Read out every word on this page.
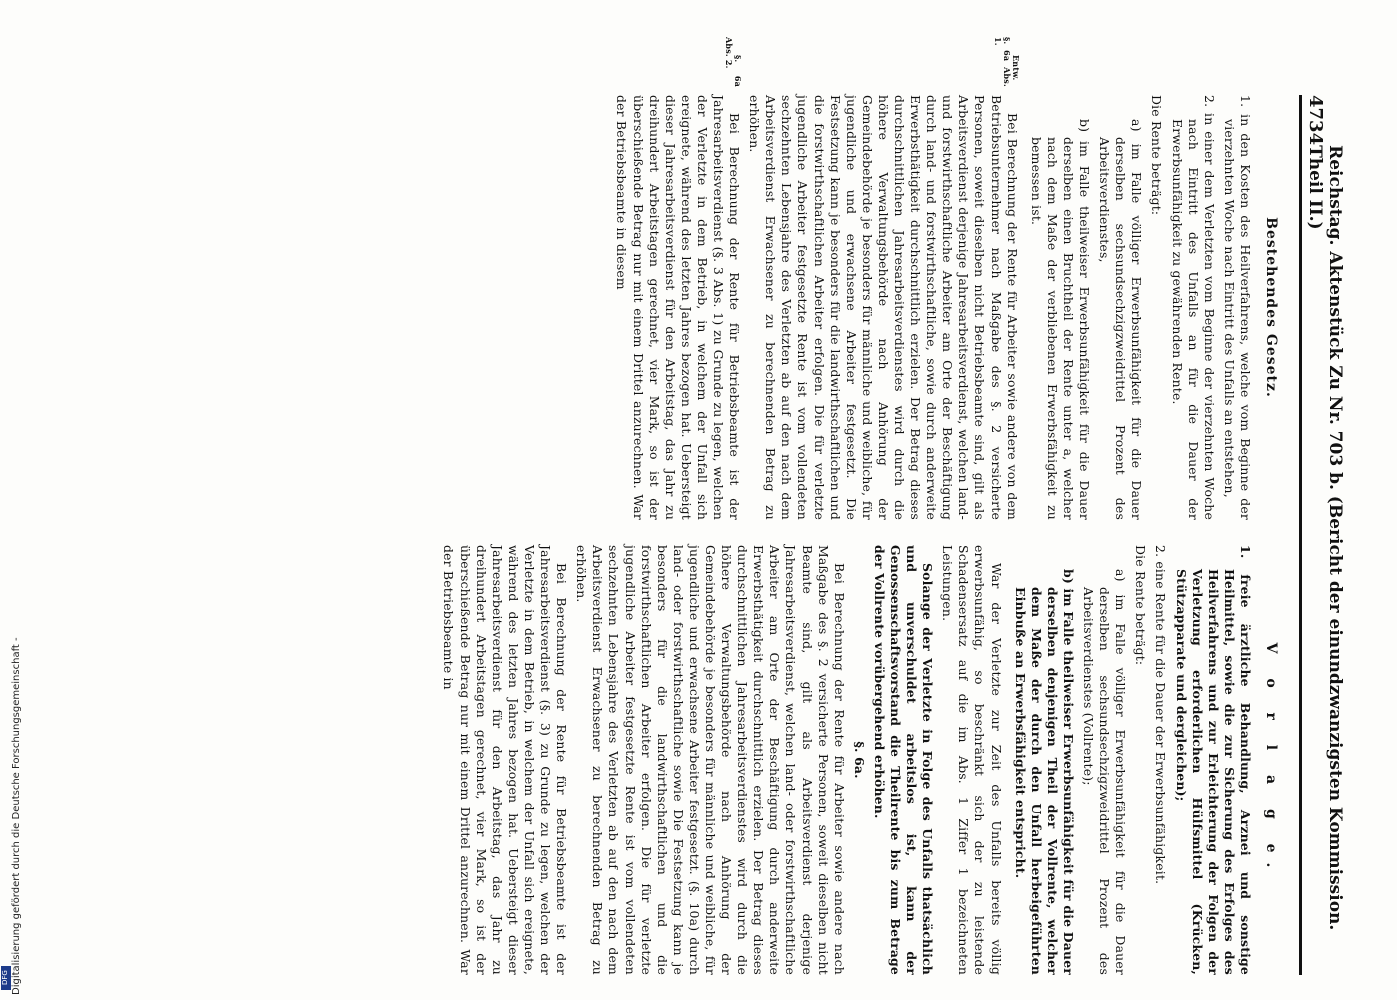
4734
Reichstag. Aktenstück Zu Nr. 703 b. (Bericht der einundzwanzigsten Kommission. Theil II.)
Bestehendes Gesetz.

1. in den Kosten des Heilverfahrens, welche vom Beginne der vierzehnten Woche nach Eintritt des Unfalls an entstehen,

2. in einer dem Verletzten vom Beginne der vierzehnten Woche nach Eintritt des Unfalls an für die Dauer der Erwerbsunfähigkeit zu gewährenden Rente.

Die Rente beträgt:

a) im Falle völliger Erwerbsunfähigkeit für die Dauer derselben sechsundsechzigzweidrittel Prozent des Arbeitsverdienstes,

b) im Falle theilweiser Erwerbsunfähigkeit für die Dauer derselben einen Bruchtheil der Rente unter a, welcher nach dem Maße der verbliebenen Erwerbsfähigkeit zu bemessen ist.

Entw. §. 6a Abs. 1.
Bei Berechnung der Rente für Arbeiter sowie andere von dem Betriebsunternehmer nach Maßgabe des §. 2 versicherte Personen, soweit dieselben nicht Betriebsbeamte sind, gilt als Arbeitsverdienst derjenige Jahresarbeitsverdienst, welchen land- und forstwirthschaftliche Arbeiter am Orte der Beschäftigung durch land- und forstwirthschaftliche, sowie durch anderweite Erwerbsthätigkeit durchschnittlich erzielen. Der Betrag dieses durchschnittlichen Jahresarbeitsverdienstes wird durch die höhere Verwaltungsbehörde nach Anhörung der Gemeindebehörde je besonders für männliche und weibliche, für jugendliche und erwachsene Arbeiter festgesetzt. Die Festsetzung kann je besonders für die landwirthschaftlichen und die forstwirthschaftlichen Arbeiter erfolgen. Die für verletzte jugendliche Arbeiter festgesetzte Rente ist vom vollendeten sechzehnten Lebensjahre des Verletzten ab auf den nach dem Arbeitsverdienst Erwachsener zu berechnenden Betrag zu erhöhen.

§. 6a Abs. 2.
Bei Berechnung der Rente für Betriebsbeamte ist der Jahresarbeitsverdienst (§. 3 Abs. 1) zu Grunde zu legen, welchen der Verletzte in dem Betrieb, in welchem der Unfall sich ereignete, während des letzten Jahres bezogen hat. Uebersteigt dieser Jahresarbeitsverdienst für den Arbeitstag, das Jahr zu dreihundert Arbeitstagen gerechnet, vier Mark, so ist der überschießende Betrag nur mit einem Drittel anzurechnen. War der Betriebsbeamte in diesem

V o r l a g e.

1. freie ärztliche Behandlung, Arznei und sonstige Heilmittel, sowie die zur Sicherung des Erfolges des Heilverfahrens und zur Erleichterung der Folgen der Verletzung erforderlichen Hülfsmittel (Krücken, Stützapparate und dergleichen);

2. eine Rente für die Dauer der Erwerbsunfähigkeit.

Die Rente beträgt:

a) im Falle völliger Erwerbsunfähigkeit für die Dauer derselben sechsundsechzigzweidrittel Prozent des Arbeitsverdienstes (Vollrente);

b) im Falle theilweiser Erwerbsunfähigkeit für die Dauer derselben denjenigen Theil der Vollrente, welcher dem Maße der durch den Unfall herbeigeführten Einbuße an Erwerbsfähigkeit entspricht.

War der Verletzte zur Zeit des Unfalls bereits völlig erwerbsunfähig, so beschränkt sich der zu leistende Schadensersatz auf die im Abs. 1 Ziffer 1 bezeichneten Leistungen.

Solange der Verletzte in Folge des Unfalls thatsächlich und unverschuldet arbeitslos ist, kann der Genossenschaftsvorstand die Theilrente bis zum Betrage der Vollrente vorübergehend erhöhen.

§. 6a.

Bei Berechnung der Rente für Arbeiter sowie andere nach Maßgabe des §. 2 versicherte Personen, soweit dieselben nicht Beamte sind, gilt als Arbeitsverdienst derjenige Jahresarbeitsverdienst, welchen land- oder forstwirthschaftliche Arbeiter am Orte der Beschäftigung durch anderweite Erwerbsthätigkeit durchschnittlich erzielen. Der Betrag dieses durchschnittlichen Jahresarbeitsverdienstes wird durch die höhere Verwaltungsbehörde nach Anhörung der Gemeindebehörde je besonders für männliche und weibliche, für jugendliche und erwachsene Arbeiter festgesetzt. (§. 10a) durch land- oder forstwirthschaftliche sowie Die Festsetzung kann je besonders für die landwirthschaftlichen und die forstwirthschaftlichen Arbeiter erfolgen. Die für verletzte jugendliche Arbeiter festgesetzte Rente ist vom vollendeten sechzehnten Lebensjahre des Verletzten ab auf den nach dem Arbeitsverdienst Erwachsener zu berechnenden Betrag zu erhöhen.

Bei Berechnung der Rente für Betriebsbeamte ist der Jahresarbeitsverdienst (§. 3) zu Grunde zu legen, welchen der Verletzte in dem Betrieb, in welchem der Unfall sich ereignete, während des letzten Jahres bezogen hat. Uebersteigt dieser Jahresarbeitsverdienst für den Arbeitstag, das Jahr zu dreihundert Arbeitstagen gerechnet, vier Mark, so ist der überschießende Betrag nur mit einem Drittel anzurechnen. War der Betriebsbeamte in

Digitalisierung gefördert durch die Deutsche Forschungsgemeinschaft -
DFG
